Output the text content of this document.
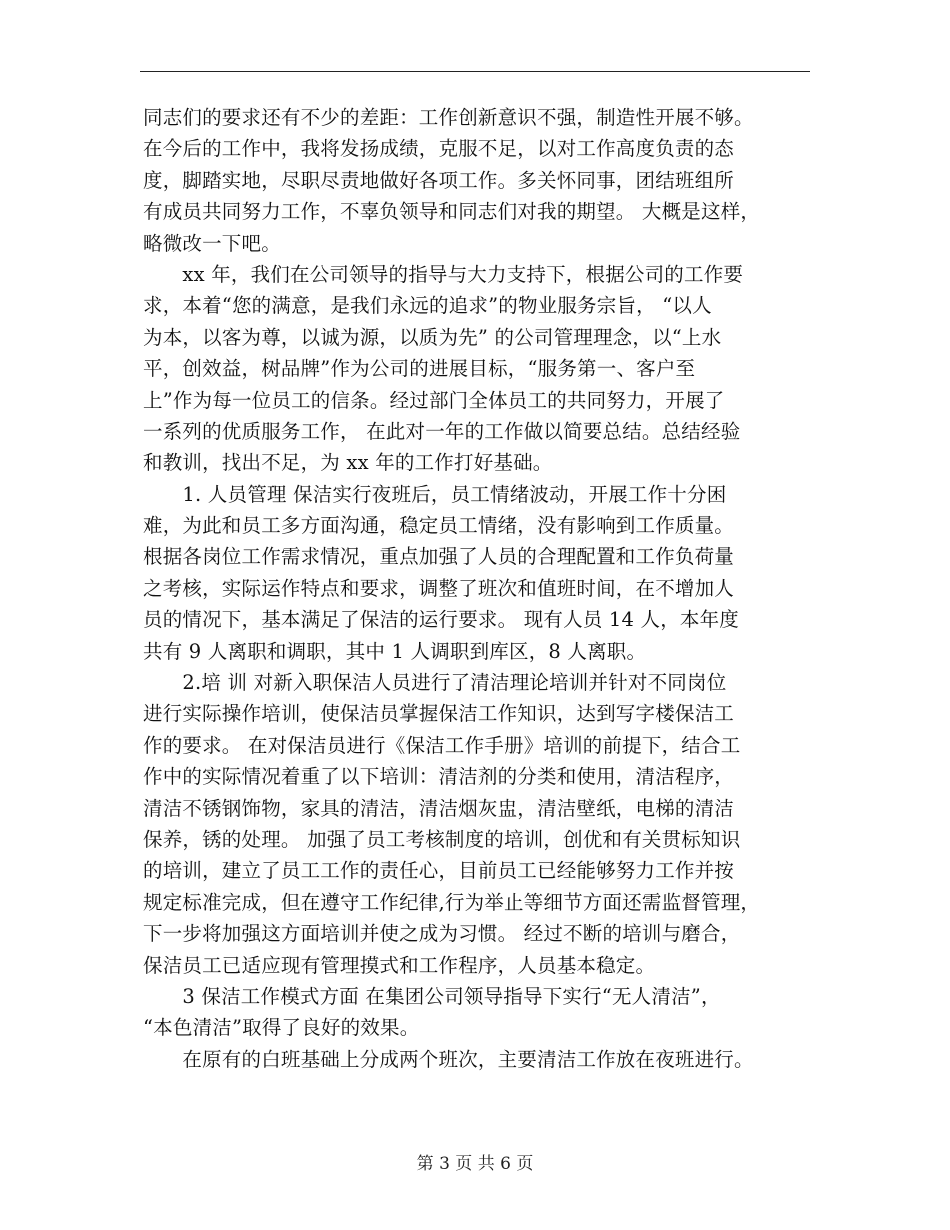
同志们的要求还有不少的差距：工作创新意识不强，制造性开展不够。
在今后的工作中，我将发扬成绩，克服不足，以对工作高度负责的态
度，脚踏实地，尽职尽责地做好各项工作。多关怀同事，团结班组所
有成员共同努力工作，不辜负领导和同志们对我的期望。 大概是这样，
略微改一下吧。
　　xx 年，我们在公司领导的指导与大力支持下，根据公司的工作要
求，本着“您的满意，是我们永远的追求”的物业服务宗旨， “以人
为本，以客为尊，以诚为源，以质为先” 的公司管理理念，以“上水
平，创效益，树品牌”作为公司的进展目标，“服务第一、客户至
上”作为每一位员工的信条。经过部门全体员工的共同努力，开展了
一系列的优质服务工作， 在此对一年的工作做以简要总结。总结经验
和教训，找出不足，为 xx 年的工作打好基础。
　　1. 人员管理 保洁实行夜班后，员工情绪波动，开展工作十分困
难，为此和员工多方面沟通，稳定员工情绪，没有影响到工作质量。
根据各岗位工作需求情况，重点加强了人员的合理配置和工作负荷量
之考核，实际运作特点和要求，调整了班次和值班时间，在不增加人
员的情况下，基本满足了保洁的运行要求。 现有人员 14 人，本年度
共有 9 人离职和调职，其中 1 人调职到库区，8 人离职。
　　2.培 训 对新入职保洁人员进行了清洁理论培训并针对不同岗位
进行实际操作培训，使保洁员掌握保洁工作知识，达到写字楼保洁工
作的要求。 在对保洁员进行《保洁工作手册》培训的前提下，结合工
作中的实际情况着重了以下培训：清洁剂的分类和使用，清洁程序，
清洁不锈钢饰物，家具的清洁，清洁烟灰盅，清洁壁纸，电梯的清洁
保养，锈的处理。 加强了员工考核制度的培训，创优和有关贯标知识
的培训，建立了员工工作的责任心，目前员工已经能够努力工作并按
规定标准完成，但在遵守工作纪律,行为举止等细节方面还需监督管理，
下一步将加强这方面培训并使之成为习惯。 经过不断的培训与磨合，
保洁员工已适应现有管理摸式和工作程序，人员基本稳定。
　　3 保洁工作模式方面 在集团公司领导指导下实行“无人清洁”，
“本色清洁”取得了良好的效果。
　　在原有的白班基础上分成两个班次，主要清洁工作放在夜班进行。
第 3 页 共 6 页
